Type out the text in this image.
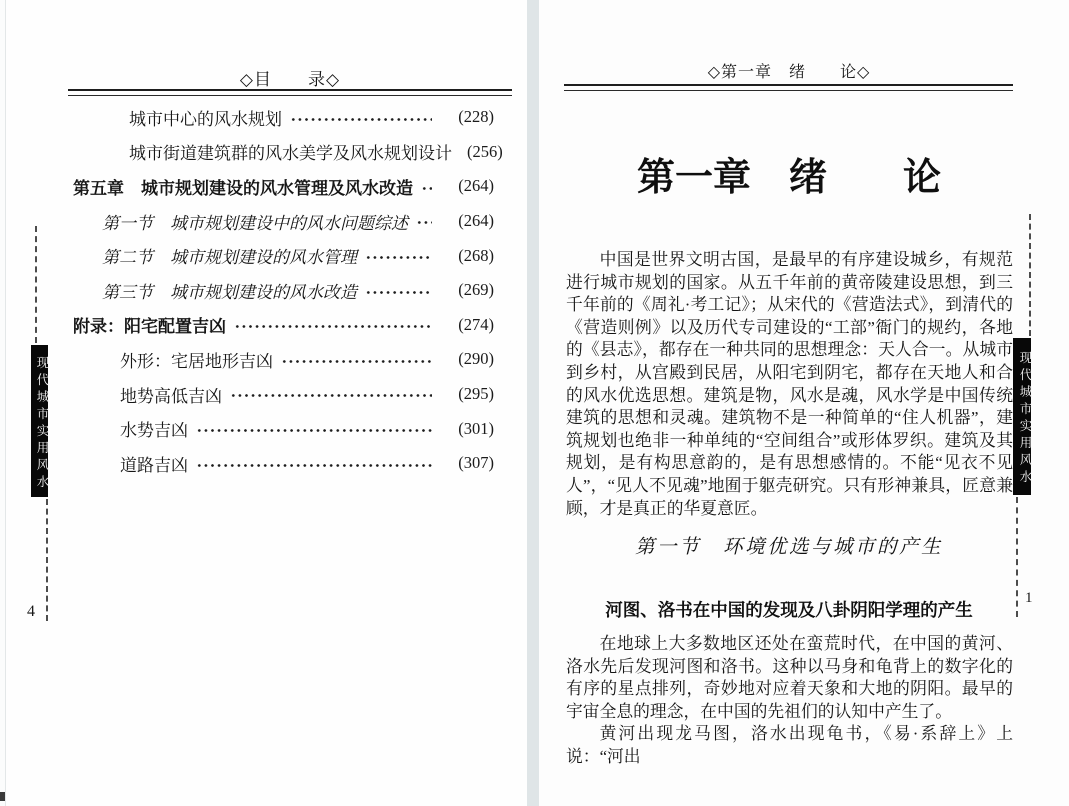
◇目　　录◇
城市中心的风水规划	(228)
城市街道建筑群的风水美学及风水规划设计 (256)
第五章　城市规划建设的风水管理及风水改造	(264)
第一节　城市规划建设中的风水问题综述	(264)
第二节　城市规划建设的风水管理	(268)
第三节　城市规划建设的风水改造	(269)
附录：阳宅配置吉凶	(274)
外形：宅居地形吉凶	(290)
地势高低吉凶	(295)
水势吉凶	(301)
道路吉凶	(307)
◇第一章　绪　　论◇
第一章　绪　　论

中国是世界文明古国，是最早的有序建设城乡，有规范进行城市规划的国家。从五千年前的黄帝陵建设思想，到三千年前的《周礼·考工记》；从宋代的《营造法式》，到清代的《营造则例》以及历代专司建设的“工部”衙门的规约，各地的《县志》，都存在一种共同的思想理念：天人合一。从城市到乡村，从宫殿到民居，从阳宅到阴宅，都存在天地人和合的风水优选思想。建筑是物，风水是魂，风水学是中国传统建筑的思想和灵魂。建筑物不是一种简单的“住人机器”，建筑规划也绝非一种单纯的“空间组合”或形体罗织。建筑及其规划，是有构思意韵的，是有思想感情的。不能“见衣不见人”，“见人不见魂”地囿于躯壳研究。只有形神兼具，匠意兼顾，才是真正的华夏意匠。

第一节　环境优选与城市的产生
河图、洛书在中国的发现及八卦阴阳学理的产生

在地球上大多数地区还处在蛮荒时代，在中国的黄河、洛水先后发现河图和洛书。这种以马身和龟背上的数字化的有序的星点排列，奇妙地对应着天象和大地的阴阳。最早的宇宙全息的理念，在中国的先祖们的认知中产生了。

黄河出现龙马图，洛水出现龟书，《易·系辞上》上说：“河出

现代城市实用风水
4
现代城市实用风水
1
